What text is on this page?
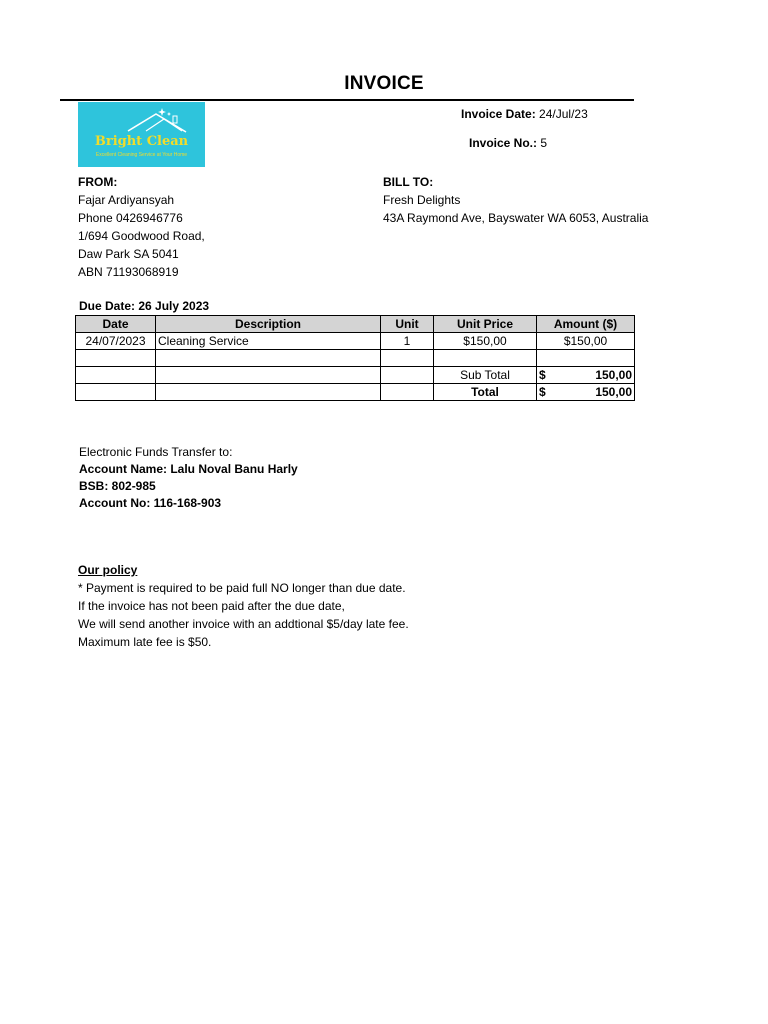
INVOICE
Bright Clean
Excellent Cleaning Service at Your Home
Invoice Date: 24/Jul/23
Invoice No.: 5
FROM:
Fajar Ardiyansyah
Phone 0426946776
1/694 Goodwood Road,
Daw Park SA 5041
ABN 71193068919
BILL TO:
Fresh Delights
43A Raymond Ave, Bayswater WA 6053, Australia
Due Date: 26 July 2023
Date	Description	Unit	Unit Price	Amount ($)	
24/07/2023	Cleaning Service	1	$150,00	$150,00	

			Sub Total	$	150,00
			Total	$	150,00
Electronic Funds Transfer to:
Account Name: Lalu Noval Banu Harly
BSB: 802-985
Account No: 116-168-903
Our policy
* Payment is required to be paid full NO longer than due date.
If the invoice has not been paid after the due date,
We will send another invoice with an addtional $5/day late fee.
Maximum late fee is $50.
